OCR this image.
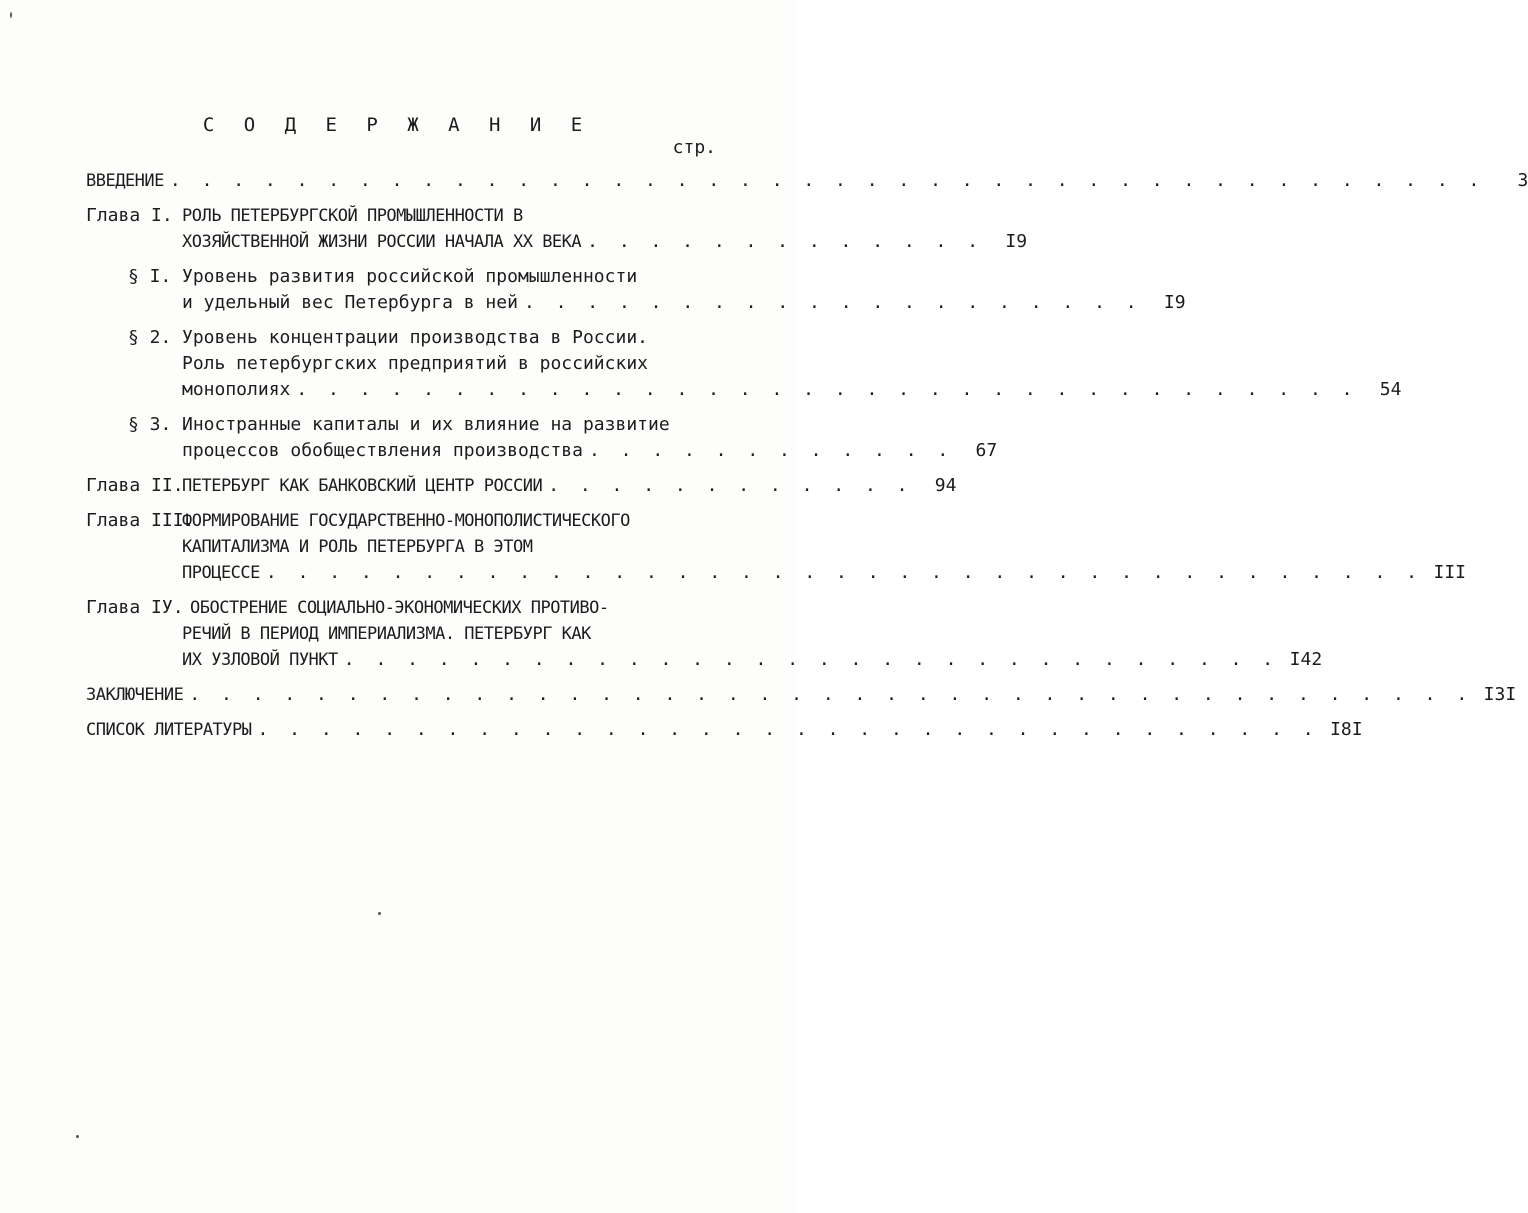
С О Д Е Р Ж А Н И Е
стр.
ВВЕДЕНИЕ . . . . . . . . . . . . . . . . . . . . . . . . . . . . . . . . . . . . . . . . . .	3
Глава I. РОЛЬ ПЕТЕРБУРГСКОЙ ПРОМЫШЛЕННОСТИ В
ХОЗЯЙСТВЕННОЙ ЖИЗНИ РОССИИ НАЧАЛА XX ВЕКА . . . . . . . . . . . . .	I9
§ I. Уровень развития российской промышленности
и удельный вес Петербурга в ней . . . . . . . . . . . . . . . . . . . .	I9
§ 2. Уровень концентрации производства в России.
Роль петербургских предприятий в российских
монополиях . . . . . . . . . . . . . . . . . . . . . . . . . . . . . . . . . .	54
§ 3. Иностранные капиталы и их влияние на развитие
процессов обобществления производства . . . . . . . . . . . .	67
Глава II.
ПЕТЕРБУРГ КАК БАНКОВСКИЙ ЦЕНТР РОССИИ . . . . . . . . . . . .	94
Глава III.
ФОРМИРОВАНИЕ ГОСУДАРСТВЕННО-МОНОПОЛИСТИЧЕСКОГО
КАПИТАЛИЗМА И РОЛЬ ПЕТЕРБУРГА В ЭТОМ
ПРОЦЕССЕ . . . . . . . . . . . . . . . . . . . . . . . . . . . . . . . . . . . . . III
Глава IУ. ОБОСТРЕНИЕ СОЦИАЛЬНО-ЭКОНОМИЧЕСКИХ ПРОТИВО-
РЕЧИЙ В ПЕРИОД ИМПЕРИАЛИЗМА. ПЕТЕРБУРГ КАК
ИХ УЗЛОВОЙ ПУНКТ . . . . . . . . . . . . . . . . . . . . . . . . . . . . . . I42
ЗАКЛЮЧЕНИЕ . . . . . . . . . . . . . . . . . . . . . . . . . . . . . . . . . . . . . . . . . I3I
СПИСОК ЛИТЕРАТУРЫ . . . . . . . . . . . . . . . . . . . . . . . . . . . . . . . . . . I8I
